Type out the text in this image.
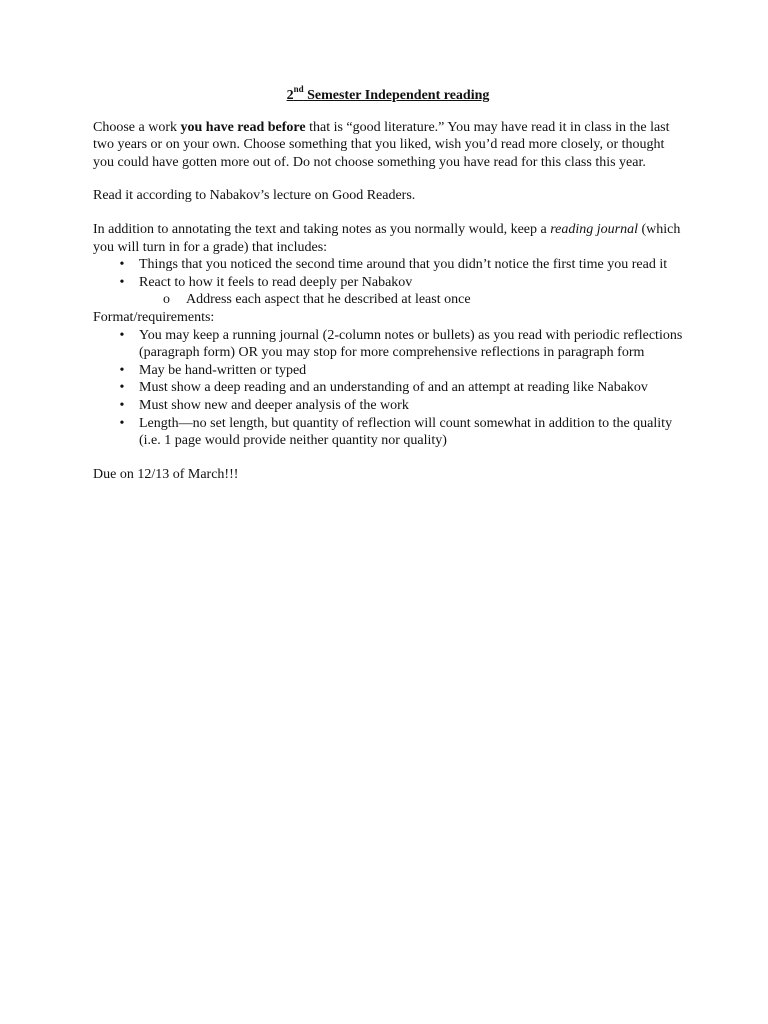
2nd Semester Independent reading

Choose a work you have read before that is “good literature.” You may have read it in class in the last two years or on your own. Choose something that you liked, wish you’d read more closely, or thought you could have gotten more out of. Do not choose something you have read for this class this year.

Read it according to Nabakov’s lecture on Good Readers.

In addition to annotating the text and taking notes as you normally would, keep a reading journal (which you will turn in for a grade) that includes:

• Things that you noticed the second time around that you didn’t notice the first time you read it
• React to how it feels to read deeply per Nabakov
o Address each aspect that he described at least once

Format/requirements:

• You may keep a running journal (2-column notes or bullets) as you read with periodic reflections (paragraph form) OR you may stop for more comprehensive reflections in paragraph form
• May be hand-written or typed
• Must show a deep reading and an understanding of and an attempt at reading like Nabakov
• Must show new and deeper analysis of the work
• Length—no set length, but quantity of reflection will count somewhat in addition to the quality (i.e. 1 page would provide neither quantity nor quality)

Due on 12/13 of March!!!
